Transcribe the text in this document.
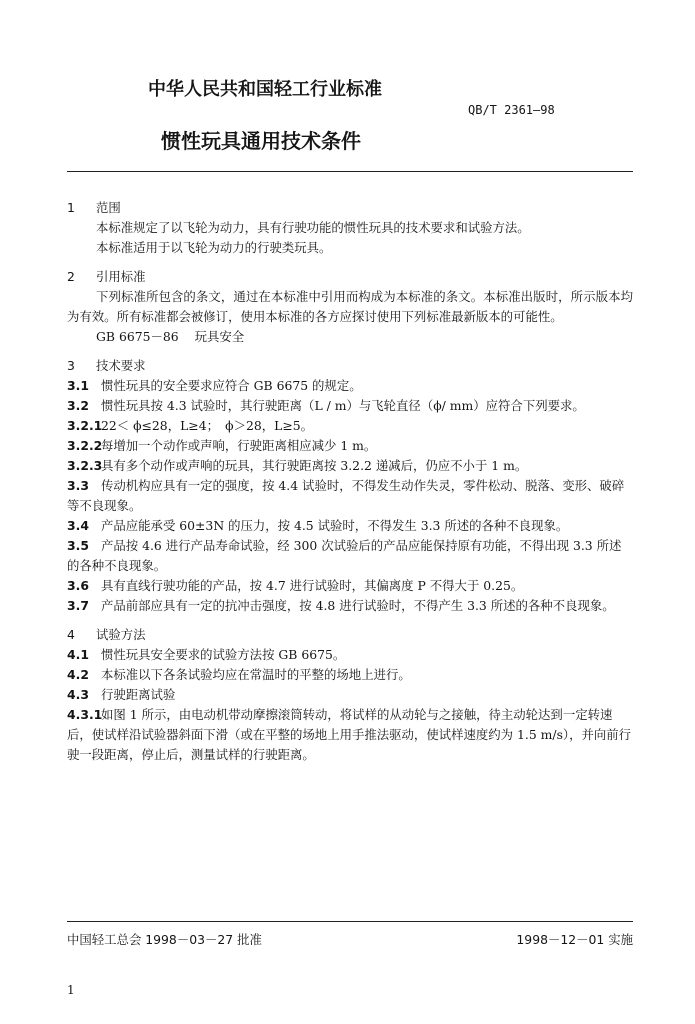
中华人民共和国轻工行业标准
QB/T 2361—98
惯性玩具通用技术条件
1 范围
本标准规定了以飞轮为动力，具有行驶功能的惯性玩具的技术要求和试验方法。
本标准适用于以飞轮为动力的行驶类玩具。
2 引用标准
下列标准所包含的条文，通过在本标准中引用而构成为本标准的条文。本标准出版时，所示版本均为有效。所有标准都会被修订，使用本标准的各方应探讨使用下列标准最新版本的可能性。
GB 6675－86 玩具安全
3 技术要求
3.1 惯性玩具的安全要求应符合 GB 6675 的规定。
3.2 惯性玩具按 4.3 试验时，其行驶距离（L / m）与飞轮直径（ϕ/ mm）应符合下列要求。
3.2.122＜ ϕ≤28，L≥4；　ϕ＞28，L≥5。
3.2.2每增加一个动作或声响，行驶距离相应减少 1 m。
3.2.3具有多个动作或声响的玩具，其行驶距离按 3.2.2 递减后，仍应不小于 1 m。
3.3 传动机构应具有一定的强度，按 4.4 试验时，不得发生动作失灵，零件松动、脱落、变形、破碎等不良现象。
3.4 产品应能承受 60±3N 的压力，按 4.5 试验时，不得发生 3.3 所述的各种不良现象。
3.5 产品按 4.6 进行产品寿命试验，经 300 次试验后的产品应能保持原有功能，不得出现 3.3 所述的各种不良现象。
3.6 具有直线行驶功能的产品，按 4.7 进行试验时，其偏离度 P 不得大于 0.25。
3.7 产品前部应具有一定的抗冲击强度，按 4.8 进行试验时，不得产生 3.3 所述的各种不良现象。
4 试验方法
4.1 惯性玩具安全要求的试验方法按 GB 6675。
4.2 本标准以下各条试验均应在常温时的平整的场地上进行。
4.3 行驶距离试验
4.3.1如图 1 所示，由电动机带动摩擦滚筒转动，将试样的从动轮与之接触，待主动轮达到一定转速后，使试样沿试验器斜面下滑（或在平整的场地上用手推法驱动，使试样速度约为 1.5 m/s），并向前行驶一段距离，停止后，测量试样的行驶距离。
中国轻工总会 1998－03－27 批准	1998－12－01 实施
1
